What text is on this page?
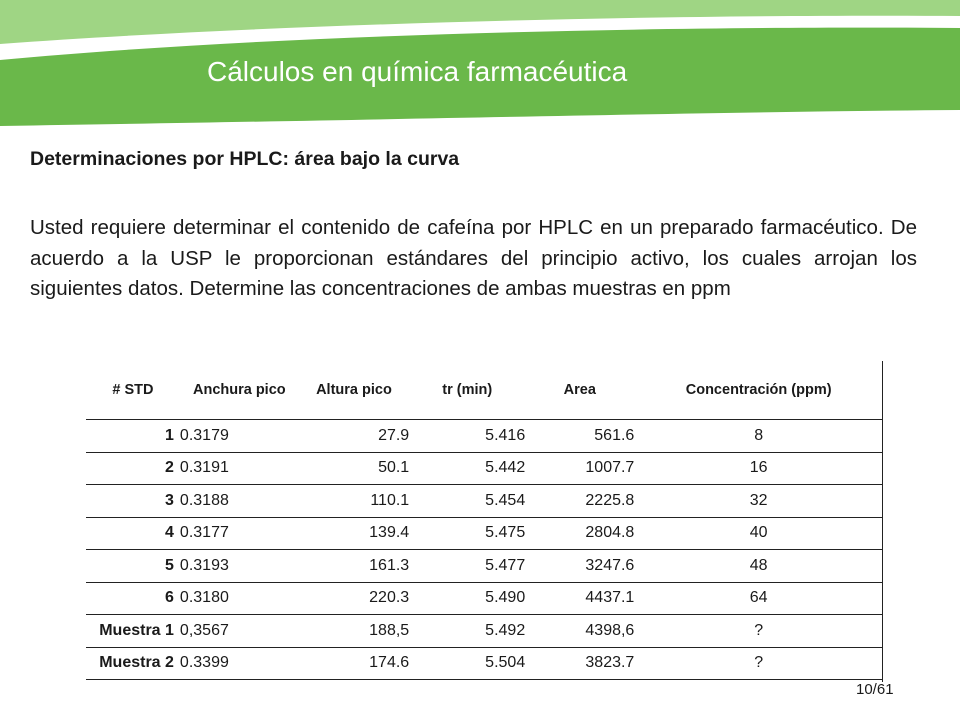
Cálculos en química farmacéutica
Determinaciones por HPLC: área bajo la curva

Usted requiere determinar el contenido de cafeína por HPLC en un preparado farmacéutico. De acuerdo a la USP le proporcionan estándares del principio activo, los cuales arrojan los siguientes datos. Determine las concentraciones de ambas muestras en ppm

# STD	Anchura pico	Altura pico	tr (min)	Area	Concentración (ppm)
1	0.3179	27.9	5.416	561.6	8
2	0.3191	50.1	5.442	1007.7	16
3	0.3188	110.1	5.454	2225.8	32
4	0.3177	139.4	5.475	2804.8	40
5	0.3193	161.3	5.477	3247.6	48
6	0.3180	220.3	5.490	4437.1	64
Muestra 1	0,3567	188,5	5.492	4398,6	?
Muestra 2	0.3399	174.6	5.504	3823.7	?
10/61
